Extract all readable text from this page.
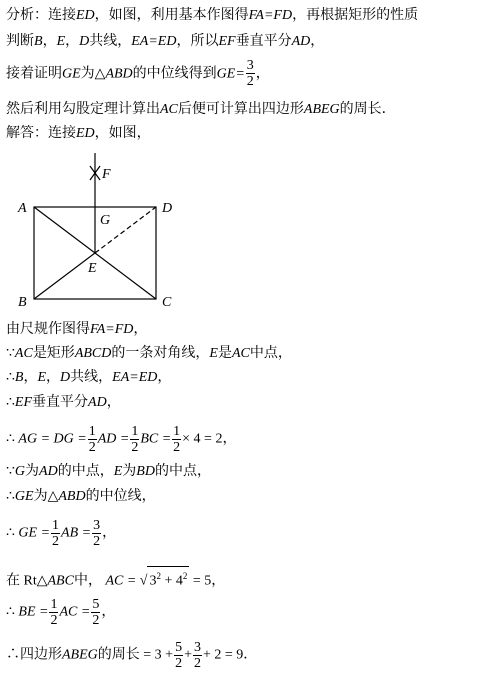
分析：连接ED，如图，利用基本作图得FA=FD，再根据矩形的性质
判断B，E，D共线，EA=ED，所以EF垂直平分AD，
接着证明GE为△ABD的中位线得到$GE= \frac{3}{2}$ ，
然后利用勾股定理计算出AC后便可计算出四边形ABEG的周长．
解答：连接ED，如图，
A	D
B	C
E
F
G
由尺规作图得FA=FD，
∵AC是矩形ABCD的一条对角线，E是AC中点，
∴B，E，D共线，EA=ED，
∴EF垂直平分AD，
∴ AG = DG = $\frac{1}{2}$ AD = $\frac{1}{2}$ BC = $\frac{1}{2} \times 4 = 2$，
∵G为AD的中点，E为BD的中点，
∴GE为△ABD的中位线，
∴ GE = $\frac{1}{2}$ AB = $\frac{3}{2}$ ，
在 Rt△ABC中， AC = √ $3^2 + 4^2 = 5$，
∴ BE = $\frac{1}{2}$ AC = $\frac{5}{2}$ ，
∴四边形ABEG的周长 = $3 + \frac{5}{2} + \frac{3}{2} + 2 = 9$．
